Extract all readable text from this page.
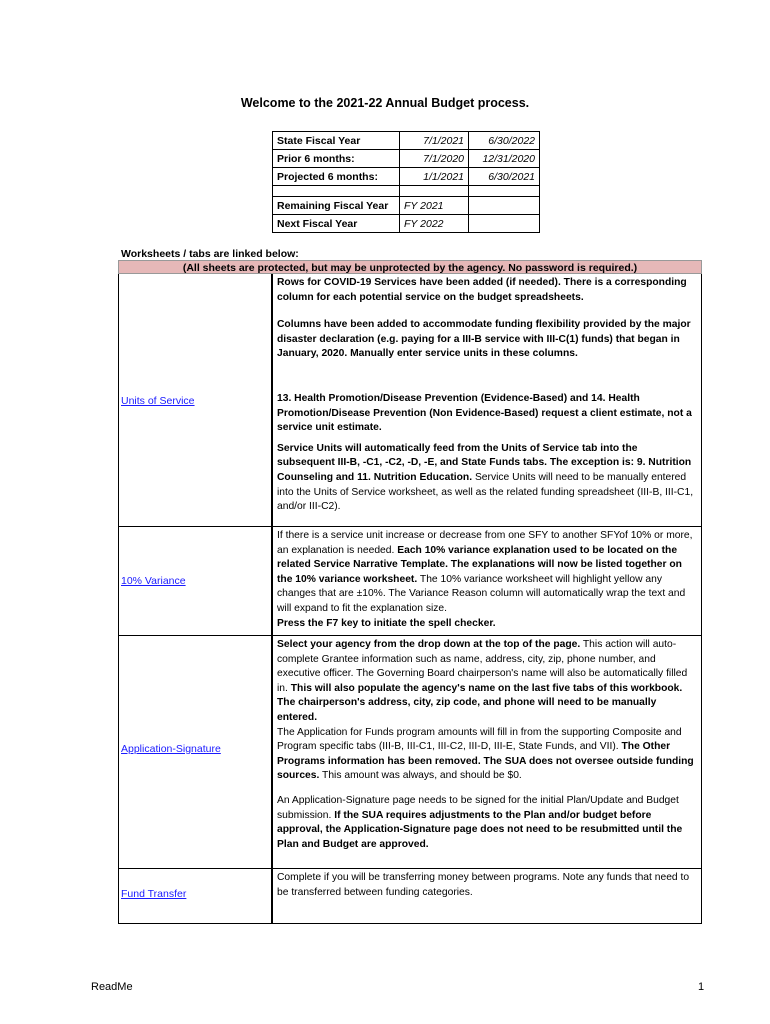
Welcome to the 2021-22 Annual Budget process.
State Fiscal Year	7/1/2021	6/30/2022
Prior 6 months:	7/1/2020	12/31/2020
Projected 6 months:	1/1/2021	6/30/2021

Remaining Fiscal Year	FY 2021	
Next Fiscal Year	FY 2022	
Worksheets / tabs are linked below:
(All sheets are protected, but may be unprotected by the agency. No password is required.)
Units of Service

Rows for COVID-19 Services have been added (if needed). There is a corresponding column for each potential service on the budget spreadsheets.

Columns have been added to accommodate funding flexibility provided by the major disaster declaration (e.g. paying for a III-B service with III-C(1) funds) that began in January, 2020. Manually enter service units in these columns.

13. Health Promotion/Disease Prevention (Evidence-Based) and 14. Health Promotion/Disease Prevention (Non Evidence-Based) request a client estimate, not a service unit estimate.

Service Units will automatically feed from the Units of Service tab into the subsequent III-B, -C1, -C2, -D, -E, and State Funds tabs. The exception is: 9. Nutrition Counseling and 11. Nutrition Education. Service Units will need to be manually entered into the Units of Service worksheet, as well as the related funding spreadsheet (III-B, III-C1, and/or III-C2).

10% Variance

If there is a service unit increase or decrease from one SFY to another SFYof 10% or more, an explanation is needed. Each 10% variance explanation used to be located on the related Service Narrative Template. The explanations will now be listed together on the 10% variance worksheet. The 10% variance worksheet will highlight yellow any changes that are ±10%. The Variance Reason column will automatically wrap the text and will expand to fit the explanation size.
Press the F7 key to initiate the spell checker.

Application-Signature

Select your agency from the drop down at the top of the page. This action will auto-complete Grantee information such as name, address, city, zip, phone number, and executive officer. The Governing Board chairperson's name will also be automatically filled in. This will also populate the agency's name on the last five tabs of this workbook. The chairperson's address, city, zip code, and phone will need to be manually entered.
The Application for Funds program amounts will fill in from the supporting Composite and Program specific tabs (III-B, III-C1, III-C2, III-D, III-E, State Funds, and VII). The Other Programs information has been removed. The SUA does not oversee outside funding sources. This amount was always, and should be $0.

An Application-Signature page needs to be signed for the initial Plan/Update and Budget submission. If the SUA requires adjustments to the Plan and/or budget before approval, the Application-Signature page does not need to be resubmitted until the Plan and Budget are approved.

Fund Transfer

Complete if you will be transferring money between programs. Note any funds that need to be transferred between funding categories.

ReadMe	1
